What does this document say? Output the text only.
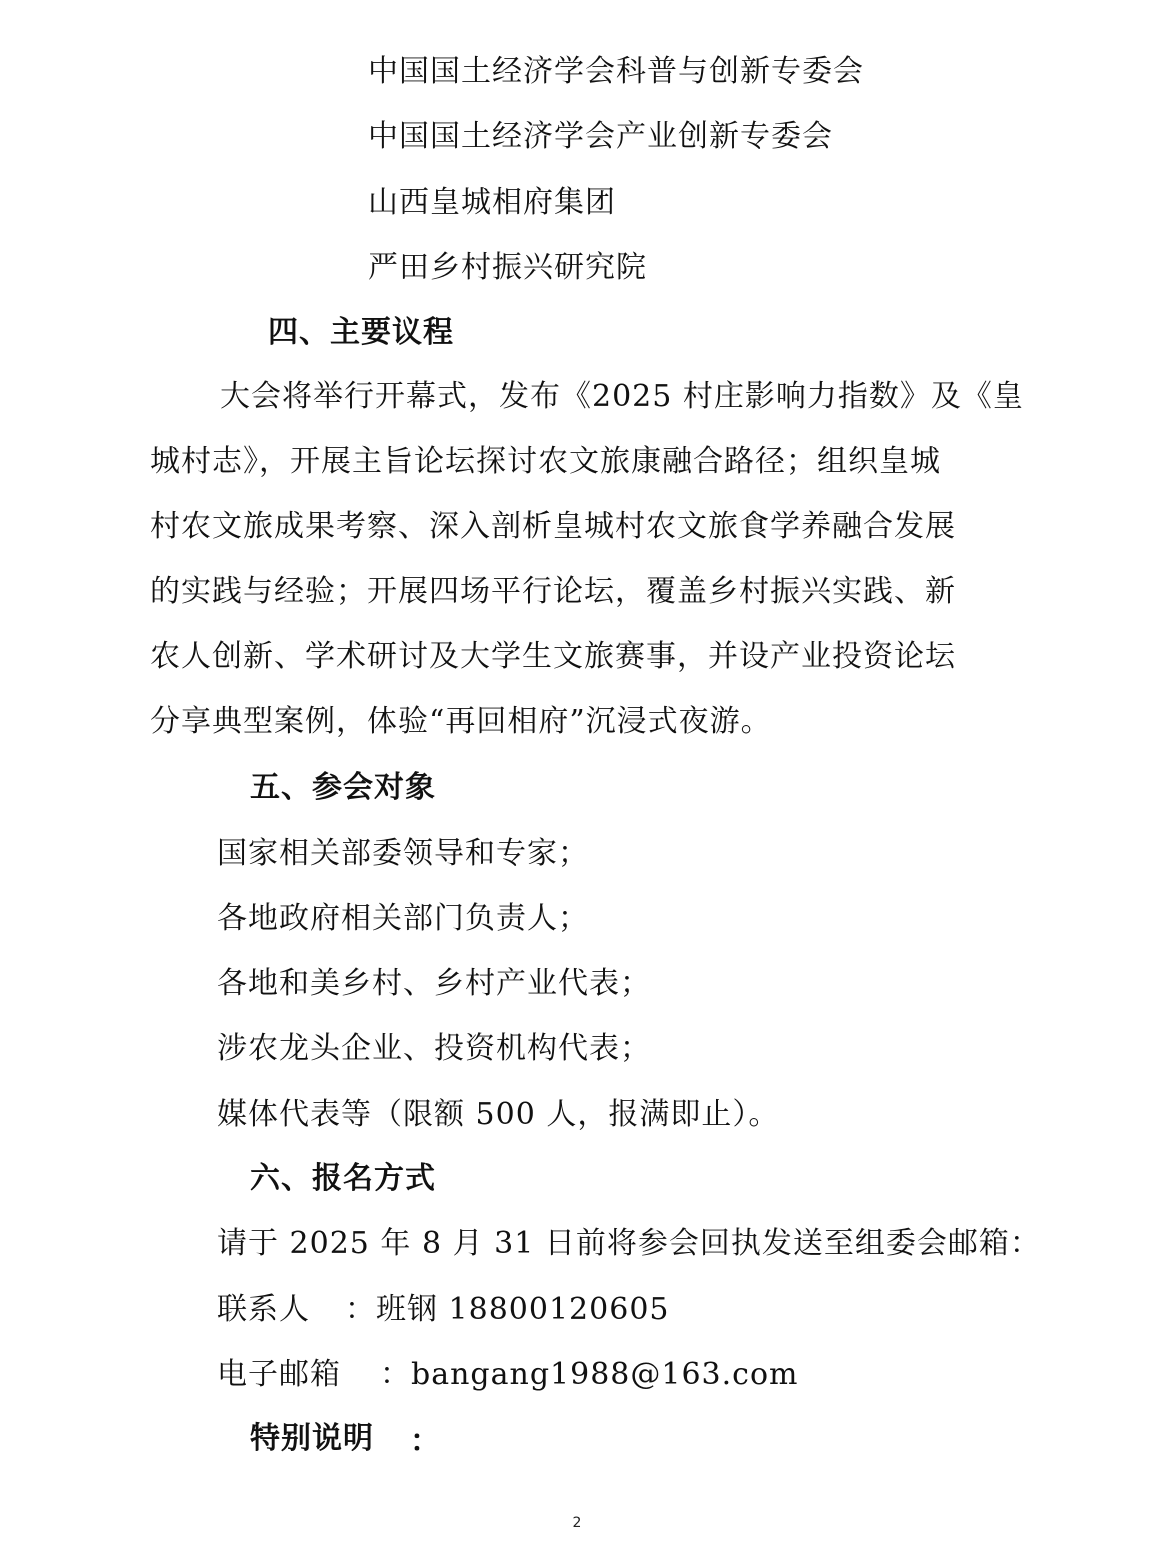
中国国土经济学会科普与创新专委会

中国国土经济学会产业创新专委会

山西皇城相府集团

严田乡村振兴研究院

四、主要议程

大会将举行开幕式，发布《2025 村庄影响力指数》及《皇
城村志》，开展主旨论坛探讨农文旅康融合路径；组织皇城
村农文旅成果考察、深入剖析皇城村农文旅食学养融合发展
的实践与经验；开展四场平行论坛，覆盖乡村振兴实践、新
农人创新、学术研讨及大学生文旅赛事，并设产业投资论坛
分享典型案例，体验“再回相府”沉浸式夜游。

五、参会对象

国家相关部委领导和专家；

各地政府相关部门负责人；

各地和美乡村、乡村产业代表；

涉农龙头企业、投资机构代表；

媒体代表等（限额 500 人，报满即止）。

六、报名方式

请于 2025 年 8 月 31 日前将参会回执发送至组委会邮箱：

联系人 ：班钢 18800120605

电子邮箱 ：bangang1988@163.com

特别说明 ：

2
